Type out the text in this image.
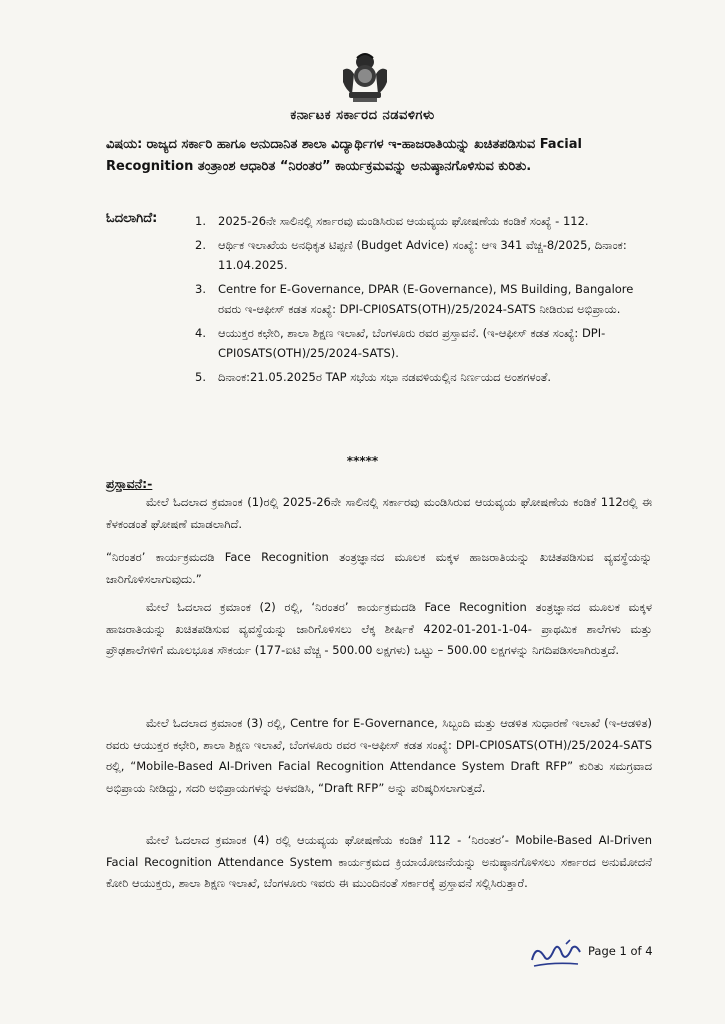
ಕರ್ನಾಟಕ ಸರ್ಕಾರದ ನಡವಳಿಗಳು
ವಿಷಯ: ರಾಜ್ಯದ ಸರ್ಕಾರಿ ಹಾಗೂ ಅನುದಾನಿತ ಶಾಲಾ ವಿದ್ಯಾರ್ಥಿಗಳ ಇ-ಹಾಜರಾತಿಯನ್ನು ಖಚಿತಪಡಿಸುವ Facial Recognition ತಂತ್ರಾಂಶ ಆಧಾರಿತ “ನಿರಂತರ” ಕಾರ್ಯಕ್ರಮವನ್ನು ಅನುಷ್ಠಾನಗೊಳಿಸುವ ಕುರಿತು.
ಓದಲಾಗಿದೆ:	1. 2025-26ನೇ ಸಾಲಿನಲ್ಲಿ ಸರ್ಕಾರವು ಮಂಡಿಸಿರುವ ಆಯವ್ಯಯ ಘೋಷಣೆಯ ಕಂಡಿಕೆ ಸಂಖ್ಯೆ - 112.
2. ಆರ್ಥಿಕ ಇಲಾಖೆಯ ಅನಧಿಕೃತ ಟಿಪ್ಪಣಿ (Budget Advice) ಸಂಖ್ಯೆ: ಆಇ 341 ವೆಚ್ಚ-8/2025, ದಿನಾಂಕ: 11.04.2025.
3. Centre for E-Governance, DPAR (E-Governance), MS Building, Bangalore ರವರು ಇ-ಆಫೀಸ್ ಕಡತ ಸಂಖ್ಯೆ: DPI-CPI0SATS(OTH)/25/2024-SATS ನೀಡಿರುವ ಅಭಿಪ್ರಾಯ.
4. ಆಯುಕ್ತರ ಕಛೇರಿ, ಶಾಲಾ ಶಿಕ್ಷಣ ಇಲಾಖೆ, ಬೆಂಗಳೂರು ರವರ ಪ್ರಸ್ತಾವನೆ. (ಇ-ಆಫೀಸ್ ಕಡತ ಸಂಖ್ಯೆ: DPI-CPI0SATS(OTH)/25/2024-SATS).
5. ದಿನಾಂಕ:21.05.2025ರ TAP ಸಭೆಯ ಸಭಾ ನಡವಳಿಯಲ್ಲಿನ ನಿರ್ಣಯದ ಅಂಶಗಳಂತೆ.
*****
ಪ್ರಸ್ತಾವನೆ:-
ಮೇಲೆ ಓದಲಾದ ಕ್ರಮಾಂಕ (1)ರಲ್ಲಿ 2025-26ನೇ ಸಾಲಿನಲ್ಲಿ ಸರ್ಕಾರವು ಮಂಡಿಸಿರುವ ಆಯವ್ಯಯ ಘೋಷಣೆಯ ಕಂಡಿಕೆ 112ರಲ್ಲಿ ಈ ಕೆಳಕಂಡಂತೆ ಘೋಷಣೆ ಮಾಡಲಾಗಿದೆ.
“ನಿರಂತರ’ ಕಾರ್ಯಕ್ರಮದಡಿ Face Recognition ತಂತ್ರಜ್ಞಾನದ ಮೂಲಕ ಮಕ್ಕಳ ಹಾಜರಾತಿಯನ್ನು ಖಚಿತಪಡಿಸುವ ವ್ಯವಸ್ಥೆಯನ್ನು ಜಾರಿಗೊಳಿಸಲಾಗುವುದು.”
ಮೇಲೆ ಓದಲಾದ ಕ್ರಮಾಂಕ (2) ರಲ್ಲಿ, ‘ನಿರಂತರ’ ಕಾರ್ಯಕ್ರಮದಡಿ Face Recognition ತಂತ್ರಜ್ಞಾನದ ಮೂಲಕ ಮಕ್ಕಳ ಹಾಜರಾತಿಯನ್ನು ಖಚಿತಪಡಿಸುವ ವ್ಯವಸ್ಥೆಯನ್ನು ಜಾರಿಗೊಳಿಸಲು ಲೆಕ್ಕ ಶೀರ್ಷಿಕೆ 4202-01-201-1-04- ಪ್ರಾಥಮಿಕ ಶಾಲೆಗಳು ಮತ್ತು ಪ್ರೌಢಶಾಲೆಗಳಿಗೆ ಮೂಲಭೂತ ಸೌಕರ್ಯ (177-ಐಟಿ ವೆಚ್ಚ - 500.00 ಲಕ್ಷಗಳು) ಒಟ್ಟು – 500.00 ಲಕ್ಷಗಳನ್ನು ನಿಗದಿಪಡಿಸಲಾಗಿರುತ್ತದೆ.
ಮೇಲೆ ಓದಲಾದ ಕ್ರಮಾಂಕ (3) ರಲ್ಲಿ, Centre for E-Governance, ಸಿಬ್ಬಂದಿ ಮತ್ತು ಆಡಳಿತ ಸುಧಾರಣೆ ಇಲಾಖೆ (ಇ-ಆಡಳಿತ) ರವರು ಆಯುಕ್ತರ ಕಛೇರಿ, ಶಾಲಾ ಶಿಕ್ಷಣ ಇಲಾಖೆ, ಬೆಂಗಳೂರು ರವರ ಇ-ಆಫೀಸ್ ಕಡತ ಸಂಖ್ಯೆ: DPI-CPI0SATS(OTH)/25/2024-SATS ರಲ್ಲಿ, “Mobile-Based AI-Driven Facial Recognition Attendance System Draft RFP” ಕುರಿತು ಸಮಗ್ರವಾದ ಅಭಿಪ್ರಾಯ ನೀಡಿದ್ದು, ಸದರಿ ಅಭಿಪ್ರಾಯಗಳನ್ನು ಅಳವಡಿಸಿ, “Draft RFP” ಅನ್ನು ಪರಿಷ್ಕರಿಸಲಾಗುತ್ತದೆ.
ಮೇಲೆ ಓದಲಾದ ಕ್ರಮಾಂಕ (4) ರಲ್ಲಿ ಆಯವ್ಯಯ ಘೋಷಣೆಯ ಕಂಡಿಕೆ 112 - ‘ನಿರಂತರ’- Mobile-Based AI-Driven Facial Recognition Attendance System ಕಾರ್ಯಕ್ರಮದ ಕ್ರಿಯಾಯೋಜನೆಯನ್ನು ಅನುಷ್ಠಾನಗೊಳಿಸಲು ಸರ್ಕಾರದ ಅನುಮೋದನೆ ಕೋರಿ ಆಯುಕ್ತರು, ಶಾಲಾ ಶಿಕ್ಷಣ ಇಲಾಖೆ, ಬೆಂಗಳೂರು ಇವರು ಈ ಮುಂದಿನಂತೆ ಸರ್ಕಾರಕ್ಕೆ ಪ್ರಸ್ತಾವನೆ ಸಲ್ಲಿಸಿರುತ್ತಾರೆ.
Page 1 of 4
